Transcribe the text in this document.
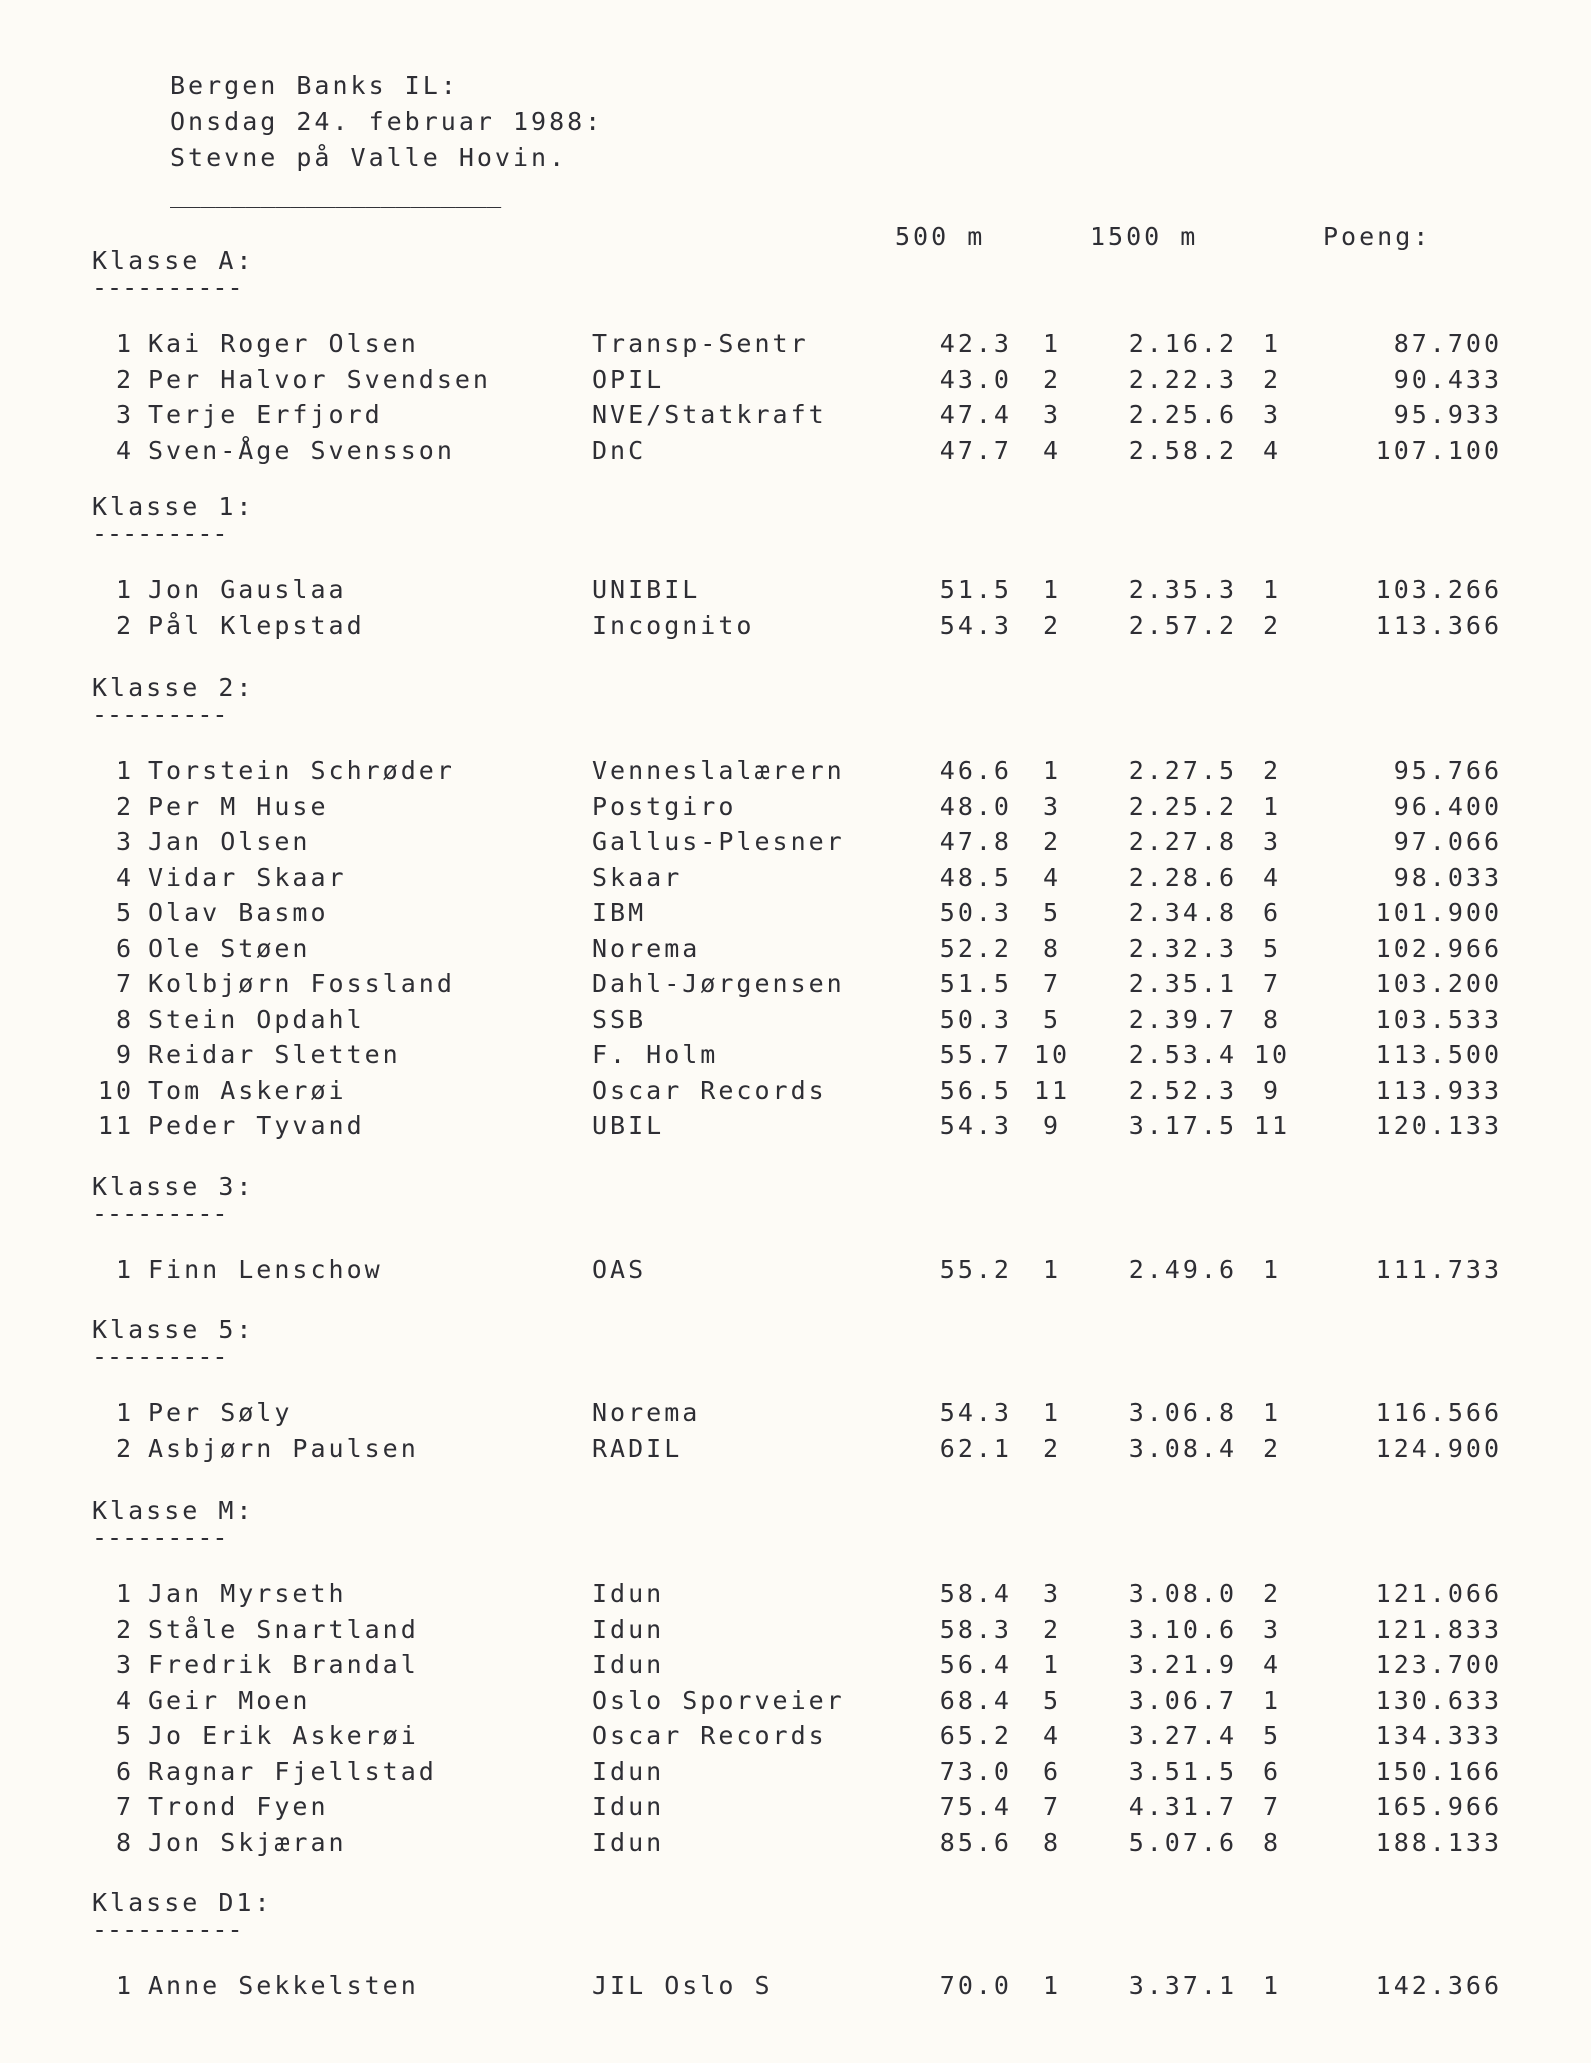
Bergen Banks IL:
Onsdag 24. februar 1988:
Stevne på Valle Hovin.
______________________
500 m	1500 m	Poeng:
Klasse A:
----------
1 Kai Roger Olsen	Transp-Sentr	42.3	1	2.16.2	1	87.700
2 Per Halvor Svendsen	OPIL	43.0	2	2.22.3	2	90.433
3 Terje Erfjord	NVE/Statkraft	47.4	3	2.25.6	3	95.933
4 Sven-Åge Svensson	DnC	47.7	4	2.58.2	4	107.100
Klasse 1:
---------
1 Jon Gauslaa	UNIBIL	51.5	1	2.35.3	1	103.266
2 Pål Klepstad	Incognito	54.3	2	2.57.2	2	113.366
Klasse 2:
---------
1 Torstein Schrøder	Venneslalærern	46.6	1	2.27.5	2	95.766
2 Per M Huse	Postgiro	48.0	3	2.25.2	1	96.400
3 Jan Olsen	Gallus-Plesner	47.8	2	2.27.8	3	97.066
4 Vidar Skaar	Skaar	48.5	4	2.28.6	4	98.033
5 Olav Basmo	IBM	50.3	5	2.34.8	6	101.900
6 Ole Støen	Norema	52.2	8	2.32.3	5	102.966
7 Kolbjørn Fossland	Dahl-Jørgensen	51.5	7	2.35.1	7	103.200
8 Stein Opdahl	SSB	50.3	5	2.39.7	8	103.533
9 Reidar Sletten	F. Holm	55.7 10 2.53.4 10	113.500
10 Tom Askerøi	Oscar Records	56.5 11 2.52.3	9	113.933
11 Peder Tyvand	UBIL	54.3	9	3.17.5 11	120.133
Klasse 3:
---------
1 Finn Lenschow	OAS	55.2	1	2.49.6	1	111.733
Klasse 5:
---------
1 Per Søly	Norema	54.3	1	3.06.8	1	116.566
2 Asbjørn Paulsen	RADIL	62.1	2	3.08.4	2	124.900
Klasse M:
---------
1 Jan Myrseth	Idun	58.4	3	3.08.0	2	121.066
2 Ståle Snartland	Idun	58.3	2	3.10.6	3	121.833
3 Fredrik Brandal	Idun	56.4	1	3.21.9	4	123.700
4 Geir Moen	Oslo Sporveier	68.4	5	3.06.7	1	130.633
5 Jo Erik Askerøi	Oscar Records	65.2	4	3.27.4	5	134.333
6 Ragnar Fjellstad	Idun	73.0	6	3.51.5	6	150.166
7 Trond Fyen	Idun	75.4	7	4.31.7	7	165.966
8 Jon Skjæran	Idun	85.6	8	5.07.6	8	188.133
Klasse D1:
----------
1 Anne Sekkelsten	JIL Oslo S	70.0	1	3.37.1	1	142.366
